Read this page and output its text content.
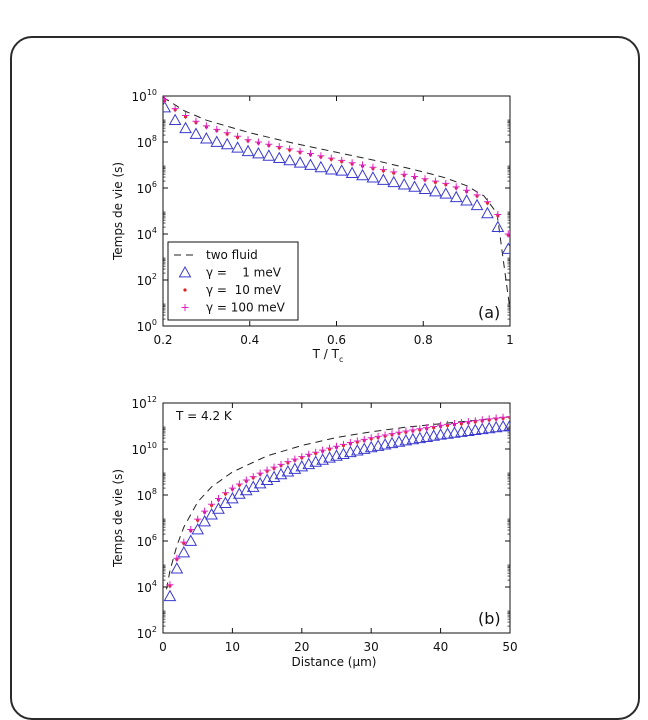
$10^0$
$10^2$
$10^4$
$10^6$
$10^8$
$10^{10}$
0.2	0.4	0.6	0.8	1
Temps de vie (s)
T / $T_c$
(a)
two fluid
γ =    1 meV
γ =  10 meV
γ = 100 meV
$10^2$
$10^4$
$10^6$
$10^8$
$10^{10}$
$10^{12}$
0	10	20	30	40	50
Temps de vie (s)
Distance (μm)
T = 4.2 K
(b)
